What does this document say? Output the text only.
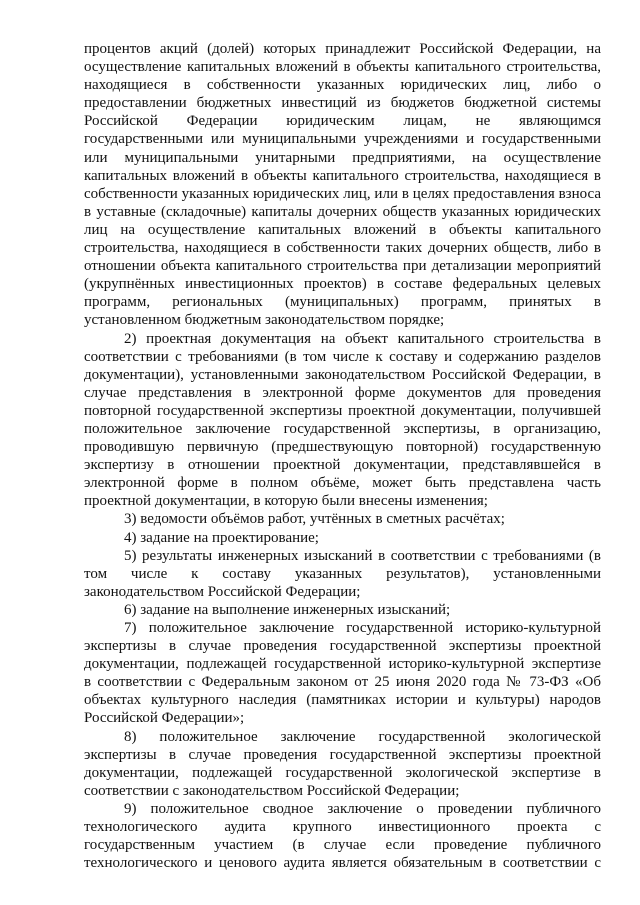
процентов акций (долей) которых принадлежит Российской Федерации, на
осуществление капитальных вложений в объекты капитального строительства,
находящиеся в собственности указанных юридических лиц, либо о
предоставлении бюджетных инвестиций из бюджетов бюджетной системы
Российской Федерации юридическим лицам, не являющимся
государственными или муниципальными учреждениями и государственными
или муниципальными унитарными предприятиями, на осуществление
капитальных вложений в объекты капитального строительства, находящиеся в
собственности указанных юридических лиц, или в целях предоставления взноса
в уставные (складочные) капиталы дочерних обществ указанных юридических
лиц на осуществление капитальных вложений в объекты капитального
строительства, находящиеся в собственности таких дочерних обществ, либо в
отношении объекта капитального строительства при детализации мероприятий
(укрупнённых инвестиционных проектов) в составе федеральных целевых
программ, региональных (муниципальных) программ, принятых в
установленном бюджетным законодательством порядке;
2) проектная документация на объект капитального строительства в
соответствии с требованиями (в том числе к составу и содержанию разделов
документации), установленными законодательством Российской Федерации, в
случае представления в электронной форме документов для проведения
повторной государственной экспертизы проектной документации, получившей
положительное заключение государственной экспертизы, в организацию,
проводившую первичную (предшествующую повторной) государственную
экспертизу в отношении проектной документации, представлявшейся в
электронной форме в полном объёме, может быть представлена часть
проектной документации, в которую были внесены изменения;
3) ведомости объёмов работ, учтённых в сметных расчётах;
4) задание на проектирование;
5) результаты инженерных изысканий в соответствии с требованиями (в
том числе к составу указанных результатов), установленными
законодательством Российской Федерации;
6) задание на выполнение инженерных изысканий;
7) положительное заключение государственной историко-культурной
экспертизы в случае проведения государственной экспертизы проектной
документации, подлежащей государственной историко-культурной экспертизе
в соответствии с Федеральным законом от 25 июня 2020 года № 73-ФЗ «Об
объектах культурного наследия (памятниках истории и культуры) народов
Российской Федерации»;
8) положительное заключение государственной экологической
экспертизы в случае проведения государственной экспертизы проектной
документации, подлежащей государственной экологической экспертизе в
соответствии с законодательством Российской Федерации;
9) положительное сводное заключение о проведении публичного
технологического аудита крупного инвестиционного проекта с
государственным участием (в случае если проведение публичного
технологического и ценового аудита является обязательным в соответствии с
